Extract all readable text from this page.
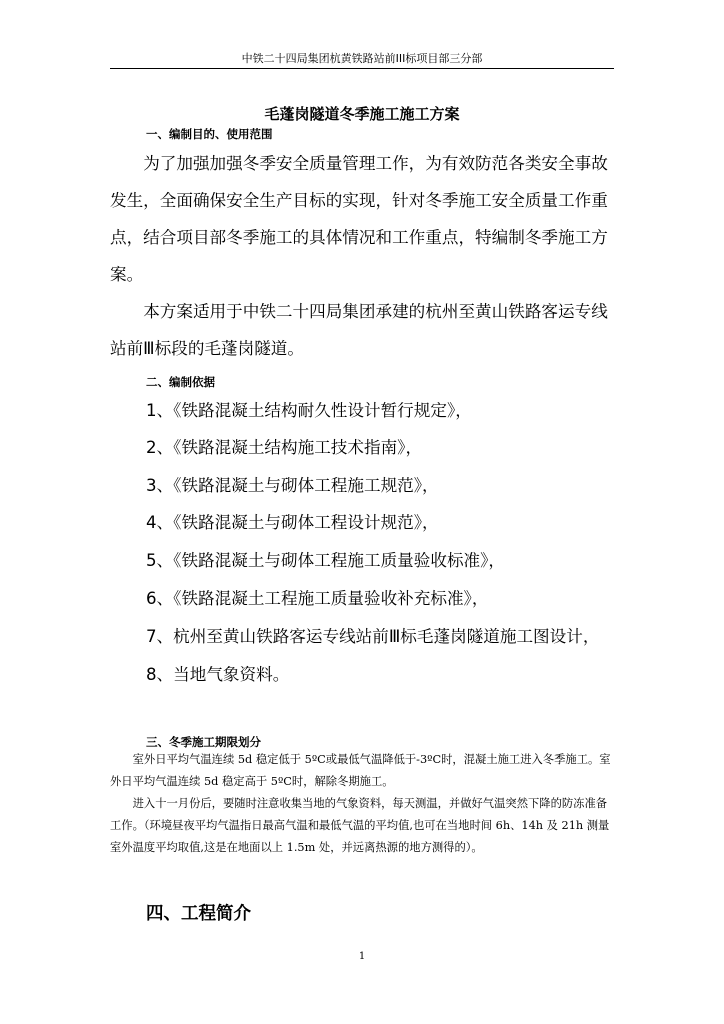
中铁二十四局集团杭黄铁路站前III标项目部三分部
毛蓬岗隧道冬季施工施工方案
一、编制目的、使用范围

为了加强加强冬季安全质量管理工作，为有效防范各类安全事故发生，全面确保安全生产目标的实现，针对冬季施工安全质量工作重点，结合项目部冬季施工的具体情况和工作重点，特编制冬季施工方案。

本方案适用于中铁二十四局集团承建的杭州至黄山铁路客运专线站前Ⅲ标段的毛蓬岗隧道。

二、编制依据
1、《铁路混凝土结构耐久性设计暂行规定》，
2、《铁路混凝土结构施工技术指南》，
3、《铁路混凝土与砌体工程施工规范》，
4、《铁路混凝土与砌体工程设计规范》，
5、《铁路混凝土与砌体工程施工质量验收标准》，
6、《铁路混凝土工程施工质量验收补充标准》，
7、杭州至黄山铁路客运专线站前Ⅲ标毛蓬岗隧道施工图设计，
8、当地气象资料。
三、冬季施工期限划分

室外日平均气温连续 5d 稳定低于 5ºC或最低气温降低于-3ºC时，混凝土施工进入冬季施工。室外日平均气温连续 5d 稳定高于 5ºC时，解除冬期施工。

进入十一月份后，要随时注意收集当地的气象资料，每天测温，并做好气温突然下降的防冻准备工作。（环境昼夜平均气温指日最高气温和最低气温的平均值,也可在当地时间 6h、14h 及 21h 测量室外温度平均取值,这是在地面以上 1.5m 处，并远离热源的地方测得的）。

四、工程简介
1
